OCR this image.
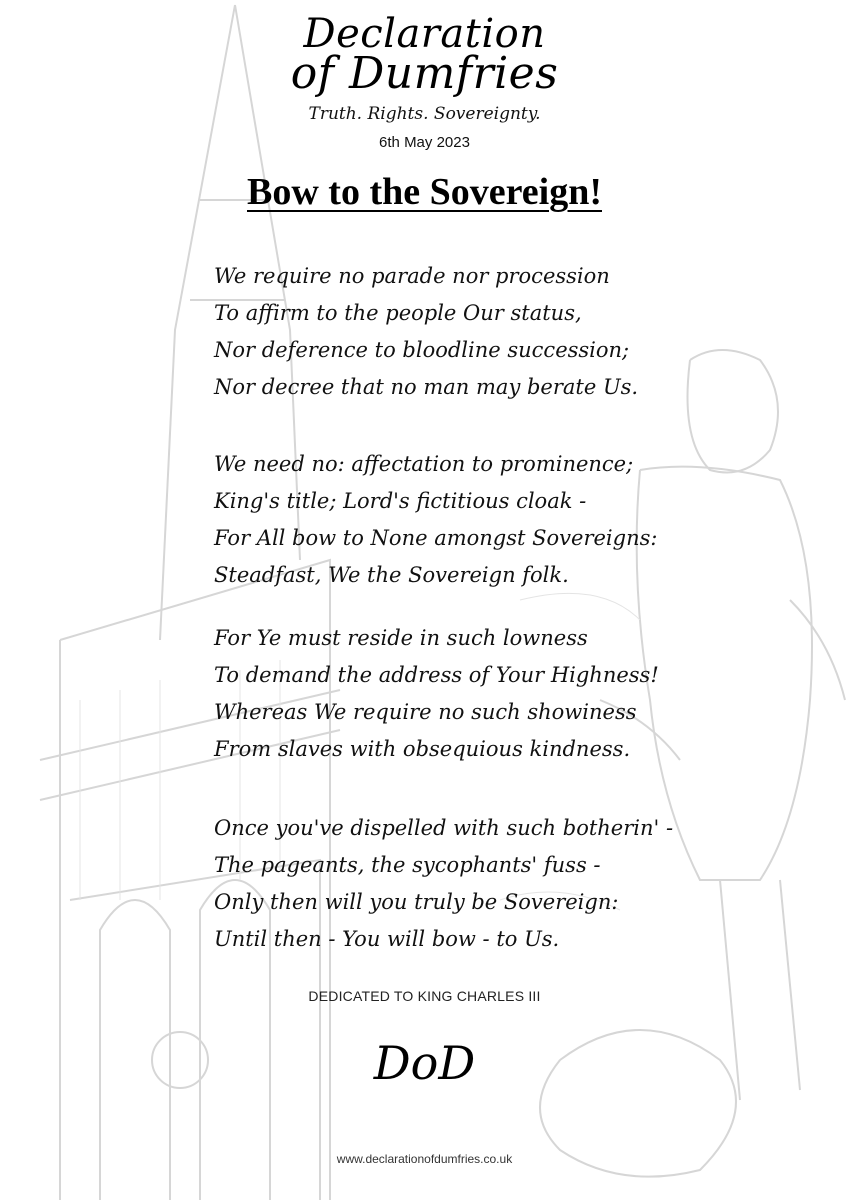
Declaration
of Dumfries
Truth. Rights. Sovereignty.
6th May 2023
Bow to the Sovereign!
We require no parade nor procession
To affirm to the people Our status,
Nor deference to bloodline succession;
Nor decree that no man may berate Us.
We need no: affectation to prominence;
King's title; Lord's fictitious cloak -
For All bow to None amongst Sovereigns:
Steadfast, We the Sovereign folk.
For Ye must reside in such lowness
To demand the address of Your Highness!
Whereas We require no such showiness
From slaves with obsequious kindness.
Once you've dispelled with such botherin' -
The pageants, the sycophants' fuss -
Only then will you truly be Sovereign:
Until then - You will bow - to Us.
DEDICATED TO KING CHARLES III
DoD
www.declarationofdumfries.co.uk
